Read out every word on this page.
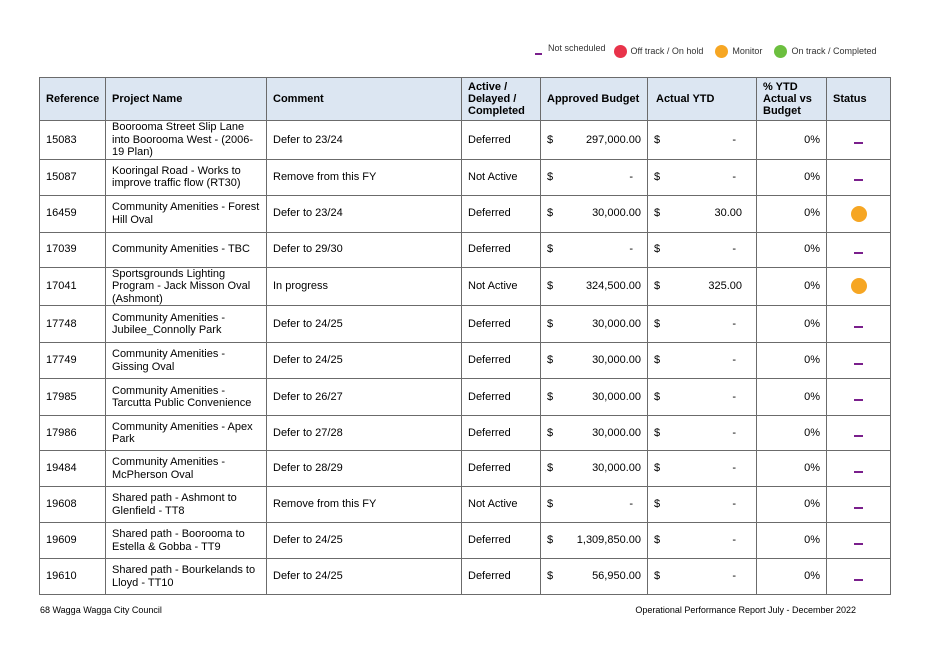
Not scheduled	Off track / On hold	Monitor	On track / Completed
Reference	Project Name	Comment	Active / Delayed / Completed	Approved Budget	Actual YTD	% YTD Actual vs Budget	Status
15083	Boorooma Street Slip Lane into Boorooma West - (2006-19 Plan)	Defer to 23/24	Deferred	$ 297,000.00	$ -	0%	
15087	Kooringal Road - Works to improve traffic flow (RT30)	Remove from this FY	Not Active	$ -	$ -	0%	
16459	Community Amenities - Forest Hill Oval	Defer to 23/24	Deferred	$ 30,000.00	$ 30.00	0%	
17039	Community Amenities - TBC	Defer to 29/30	Deferred	$ -	$ -	0%	
17041	Sportsgrounds Lighting Program - Jack Misson Oval (Ashmont)	In progress	Not Active	$ 324,500.00	$ 325.00	0%	
17748	Community Amenities - Jubilee_Connolly Park	Defer to 24/25	Deferred	$ 30,000.00	$ -	0%	
17749	Community Amenities - Gissing Oval	Defer to 24/25	Deferred	$ 30,000.00	$ -	0%	
17985	Community Amenities - Tarcutta Public Convenience	Defer to 26/27	Deferred	$ 30,000.00	$ -	0%	
17986	Community Amenities - Apex Park	Defer to 27/28	Deferred	$ 30,000.00	$ -	0%	
19484	Community Amenities - McPherson Oval	Defer to 28/29	Deferred	$ 30,000.00	$ -	0%	
19608	Shared path - Ashmont to Glenfield - TT8	Remove from this FY	Not Active	$ -	$ -	0%	
19609	Shared path - Boorooma to Estella & Gobba - TT9	Defer to 24/25	Deferred	$ 1,309,850.00	$ -	0%	
19610	Shared path - Bourkelands to Lloyd - TT10	Defer to 24/25	Deferred	$ 56,950.00	$ -	0%	
68 Wagga Wagga City Council	Operational Performance Report July - December 2022
